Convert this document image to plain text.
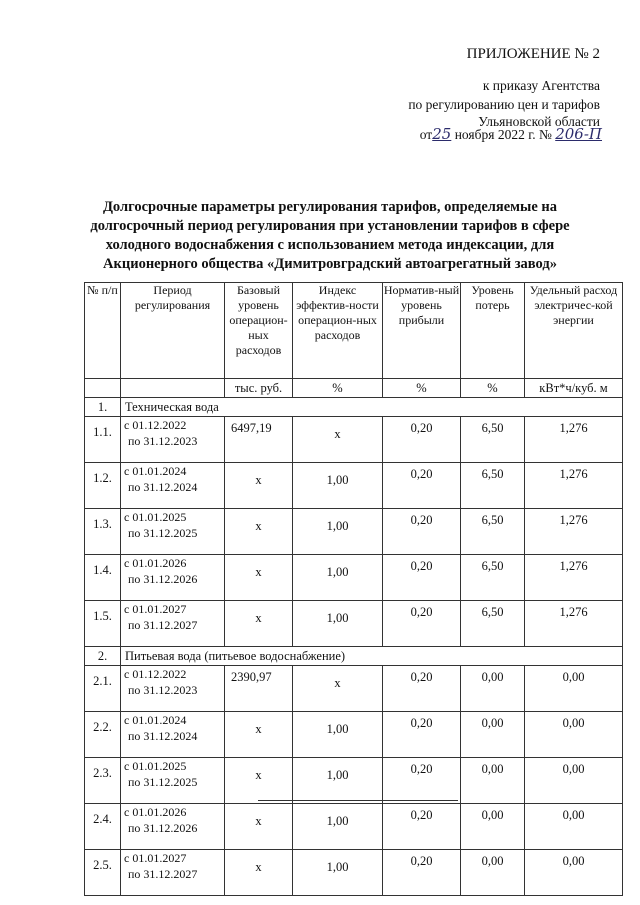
ПРИЛОЖЕНИЕ № 2
к приказу Агентства
по регулированию цен и тарифов
Ульяновской области
от25 ноября 2022 г. № 206-П
Долгосрочные параметры регулирования тарифов, определяемые на долгосрочный период регулирования при установлении тарифов в сфере холодного водоснабжения с использованием метода индексации, для Акционерного общества «Димитровградский автоагрегатный завод»
№ п/п	Период регулирования	Базовый уровень операцион-ных расходов	Индекс эффектив-ности операцион-ных расходов	Норматив-ный уровень прибыли	Уровень потерь	Удельный расход электричес-кой энергии
		тыс. руб.	%	%	%	кВт*ч/куб. м
1.	Техническая вода					
1.1.	с 01.12.2022
по 31.12.2023	6497,19	x	0,20	6,50	1,276
1.2.	с 01.01.2024
по 31.12.2024	x	1,00	0,20	6,50	1,276
1.3.	с 01.01.2025
по 31.12.2025	x	1,00	0,20	6,50	1,276
1.4.	с 01.01.2026
по 31.12.2026	x	1,00	0,20	6,50	1,276
1.5.	с 01.01.2027
по 31.12.2027	x	1,00	0,20	6,50	1,276
2.	Питьевая вода (питьевое водоснабжение)					
2.1.	с 01.12.2022
по 31.12.2023	2390,97	x	0,20	0,00	0,00
2.2.	с 01.01.2024
по 31.12.2024	x	1,00	0,20	0,00	0,00
2.3.	с 01.01.2025
по 31.12.2025	x	1,00	0,20	0,00	0,00
2.4.	с 01.01.2026
по 31.12.2026	x	1,00	0,20	0,00	0,00
2.5.	с 01.01.2027
по 31.12.2027	x	1,00	0,20	0,00	0,00
